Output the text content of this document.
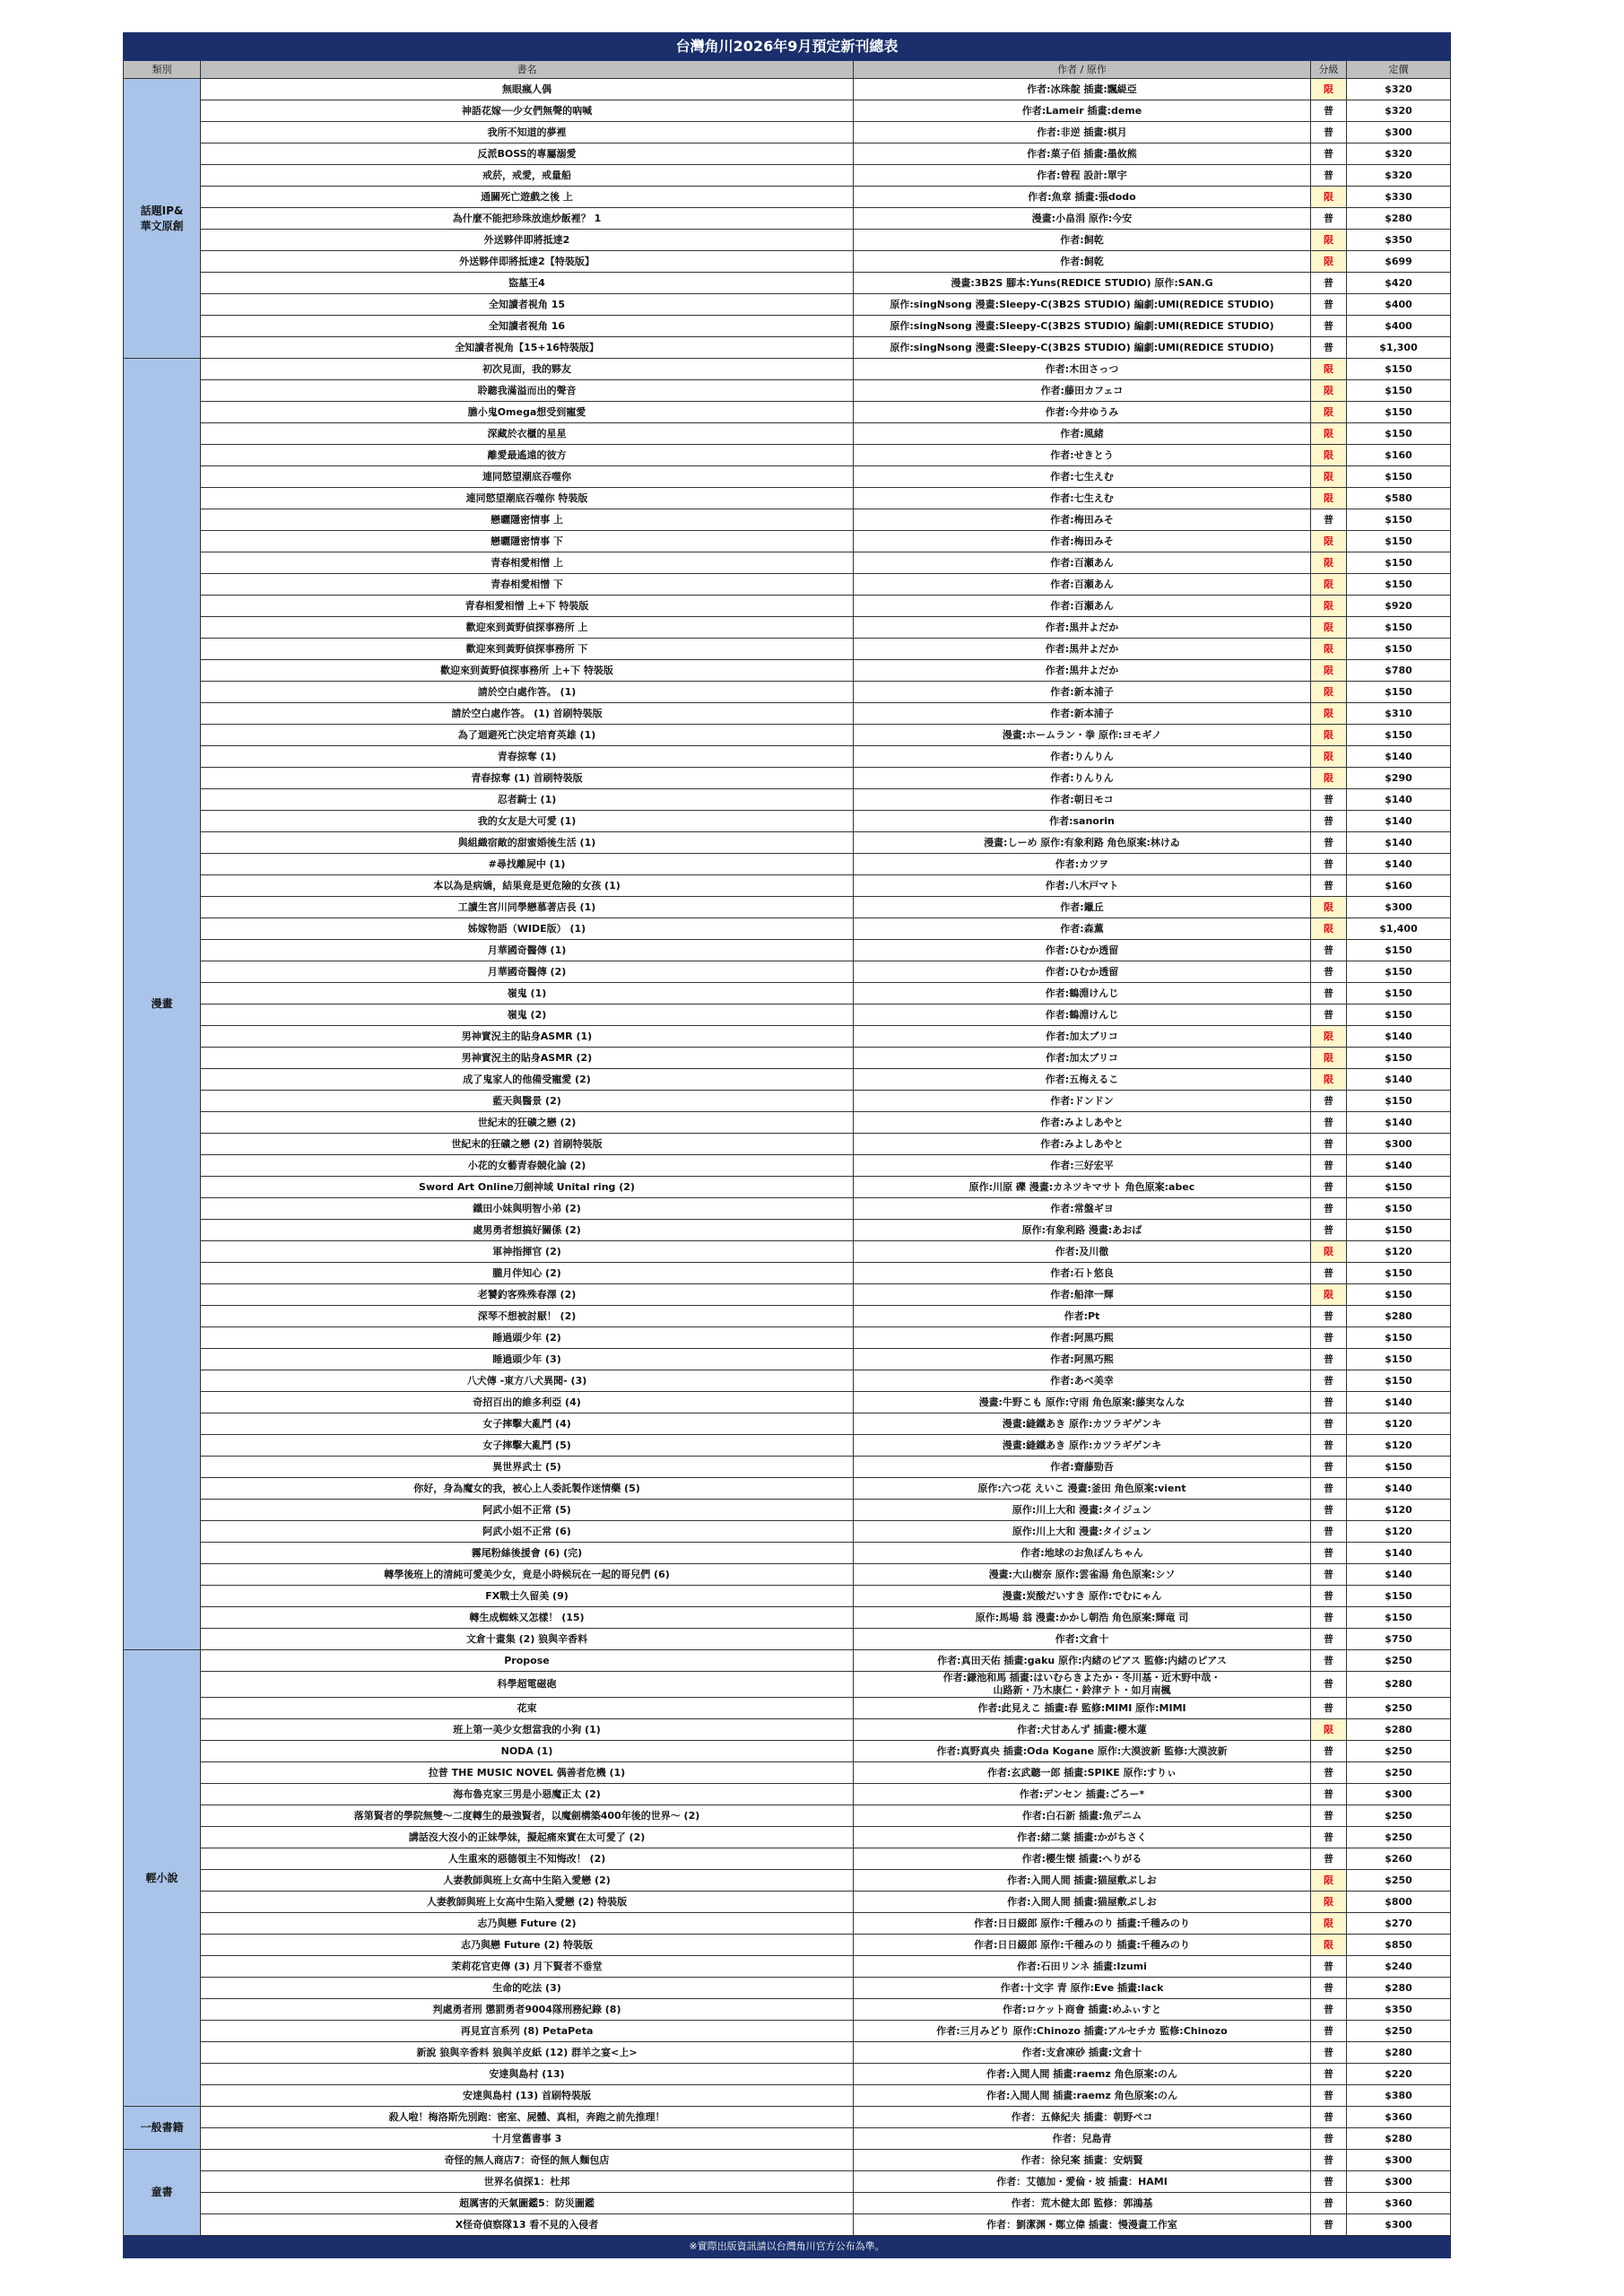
台灣角川2026年9月預定新刊總表				
類別	書名	作者 / 原作	分級	定價
話題IP&
華文原創	無眼瘋人偶	作者:冰珠靛 插畫:飄緹亞	限	$320
	神語花嫁──少女們無聲的吶喊	作者:Lameir 插畫:deme	普	$320
	我所不知道的夢裡	作者:非逆 插畫:棋月	普	$300
	反派BOSS的專屬溺愛	作者:菓子佰 插畫:墨攸熊	普	$320
	戒菸，戒愛，戒量船	作者:曾程 設計:單宇	普	$320
	通關死亡遊戲之後 上	作者:魚章 插畫:張dodo	限	$330
	為什麼不能把珍珠放進炒飯裡？ 1	漫畫:小畠涓 原作:今安	普	$280
	外送夥伴即將抵達2	作者:飼乾	限	$350
	外送夥伴即將抵達2【特裝版】	作者:飼乾	限	$699
	盜墓王4	漫畫:3B2S 腳本:Yuns(REDICE STUDIO) 原作:SAN.G	普	$420
	全知讀者視角 15	原作:singNsong 漫畫:Sleepy-C(3B2S STUDIO) 編劇:UMI(REDICE STUDIO)	普	$400
	全知讀者視角 16	原作:singNsong 漫畫:Sleepy-C(3B2S STUDIO) 編劇:UMI(REDICE STUDIO)	普	$400
	全知讀者視角【15+16特裝版】	原作:singNsong 漫畫:Sleepy-C(3B2S STUDIO) 編劇:UMI(REDICE STUDIO)	普	$1,300
漫畫	初次見面，我的夥友	作者:木田さっつ	限	$150
	聆聽我滿溢而出的聲音	作者:藤田カフェコ	限	$150
	膽小鬼Omega想受到寵愛	作者:今井ゆうみ	限	$150
	深藏於衣櫃的星星	作者:風緒	限	$150
	離愛最遙遠的彼方	作者:せきとう	限	$160
	連同慾望潮底吞噬你	作者:七生えむ	限	$150
	連同慾望潮底吞噬你 特裝版	作者:七生えむ	限	$580
	戀曬隱密情事 上	作者:梅田みそ	普	$150
	戀曬隱密情事 下	作者:梅田みそ	限	$150
	青春相愛相憎 上	作者:百瀬あん	限	$150
	青春相愛相憎 下	作者:百瀬あん	限	$150
	青春相愛相憎 上+下 特裝版	作者:百瀬あん	限	$920
	歡迎來到黃野偵探事務所 上	作者:黒井よだか	限	$150
	歡迎來到黃野偵探事務所 下	作者:黒井よだか	限	$150
	歡迎來到黃野偵探事務所 上+下 特裝版	作者:黒井よだか	限	$780
	請於空白處作答。 (1)	作者:新本浦子	限	$150
	請於空白處作答。 (1) 首刷特裝版	作者:新本浦子	限	$310
	為了迴避死亡決定培育英雄 (1)	漫畫:ホームラン・拳 原作:ヨモギノ	限	$150
	青春掠奪 (1)	作者:りんりん	限	$140
	青春掠奪 (1) 首刷特裝版	作者:りんりん	限	$290
	忍者騎士 (1)	作者:朝日モコ	普	$140
	我的女友是大可愛 (1)	作者:sanorin	普	$140
	與組織宿敵的甜蜜婚後生活 (1)	漫畫:しーめ 原作:有象利路 角色原案:林けゐ	普	$140
	#尋找離屍中 (1)	作者:カツヲ	普	$140
	本以為是病嬌，結果竟是更危險的女孩 (1)	作者:八木戸マト	普	$160
	工讀生宮川同學戀慕著店長 (1)	作者:鑞丘	限	$300
	姊嫁物語（WIDE版） (1)	作者:森薫	限	$1,400
	月華國奇醫傳 (1)	作者:ひむか透留	普	$150
	月華國奇醫傳 (2)	作者:ひむか透留	普	$150
	嶺鬼 (1)	作者:鶴淵けんじ	普	$150
	嶺鬼 (2)	作者:鶴淵けんじ	普	$150
	男神實況主的貼身ASMR (1)	作者:加太ブリコ	限	$140
	男神實況主的貼身ASMR (2)	作者:加太ブリコ	限	$150
	成了鬼家人的他備受寵愛 (2)	作者:五梅えるこ	限	$140
	藍天與醫景 (2)	作者:ドンドン	普	$150
	世紀末的狂礦之戀 (2)	作者:みよしあやと	普	$140
	世紀末的狂礦之戀 (2) 首刷特裝版	作者:みよしあやと	普	$300
	小花的女藝青春競化論 (2)	作者:三好宏平	普	$140
	Sword Art Online刀劍神域 Unital ring (2)	原作:川原 礫 漫畫:カネツキマサト 角色原案:abec	普	$150
	鐵田小妹與明智小弟 (2)	作者:常盤ギヨ	普	$150
	處男勇者想搞好關係 (2)	原作:有象利路 漫畫:あおば	普	$150
	軍神指揮官 (2)	作者:及川徹	限	$120
	朧月伴知心 (2)	作者:石ト悠良	普	$150
	老饕釣客殊殊春澤 (2)	作者:船津一輝	限	$150
	深琴不想被討厭！ (2)	作者:Pt	普	$280
	睡過頭少年 (2)	作者:阿黑巧熙	普	$150
	睡過頭少年 (3)	作者:阿黑巧熙	普	$150
	八犬傳 -東方八犬異聞- (3)	作者:あべ美幸	普	$150
	奇招百出的維多利亞 (4)	漫畫:牛野こも 原作:守雨 角色原案:藤実なんな	普	$140
	女子摔擊大亂鬥 (4)	漫畫:縫鐵あき 原作:カツラギゲンキ	普	$120
	女子摔擊大亂鬥 (5)	漫畫:縫鐵あき 原作:カツラギゲンキ	普	$120
	異世界武士 (5)	作者:齋藤勁吾	普	$150
	你好，身為魔女的我，被心上人委託製作迷情藥 (5)	原作:六つ花 えいこ 漫畫:釜田 角色原案:vient	普	$140
	阿武小姐不正常 (5)	原作:川上大和 漫畫:タイジュン	普	$120
	阿武小姐不正常 (6)	原作:川上大和 漫畫:タイジュン	普	$120
	霧尾粉絲後援會 (6) (完)	作者:地球のお魚ぽんちゃん	普	$140
	轉學後班上的清純可愛美少女，竟是小時候玩在一起的哥兒們 (6)	漫畫:大山樹奈 原作:雲雀湯 角色原案:シソ	普	$140
	FX戰士久留美 (9)	漫畫:炭酸だいすき 原作:でむにゃん	普	$150
	轉生成蜘蛛又怎樣！ (15)	原作:馬場 翁 漫畫:かかし朝浩 角色原案:輝竜 司	普	$150
	文倉十畫集 (2) 狼與辛香料	作者:文倉十	普	$750
輕小說	Propose	作者:真田天佑 插畫:gaku 原作:内緒のピアス 監修:内緒のピアス	普	$250
	科學超電磁砲	作者:鎌池和馬 插畫:はいむらきよたか・冬川基・近木野中哉・
山路新・乃木康仁・鈴津テト・如月南楓	普	$280
	花束	作者:此見えこ 插畫:春 監修:MIMI 原作:MIMI	普	$250
	班上第一美少女想當我的小狗 (1)	作者:犬甘あんず 插畫:櫻木蓮	限	$280
	NODA (1)	作者:真野真央 插畫:Oda Kogane 原作:大漠波新 監修:大漠波新	普	$250
	拉普 THE MUSIC NOVEL 偶善者危機 (1)	作者:玄武聽一郎 插畫:SPIKE 原作:すりぃ	普	$250
	海布魯克家三男是小惡魔正太 (2)	作者:デンセン 插畫:ごろー*	普	$300
	落第賢者的學院無雙～二度轉生的最強賢者，以魔劍構築400年後的世界～ (2)	作者:白石新 插畫:魚デニム	普	$250
	講話沒大沒小的正妹學妹，擬起痛來實在太可愛了 (2)	作者:緒二葉 插畫:かがちさく	普	$250
	人生重來的惡德領主不知悔改！ (2)	作者:櫻生懐 插畫:へりがる	普	$260
	人妻教師與班上女高中生陷入愛戀 (2)	作者:入間人間 插畫:猫屋敷ぷしお	限	$250
	人妻教師與班上女高中生陷入愛戀 (2) 特裝版	作者:入間人間 插畫:猫屋敷ぷしお	限	$800
	志乃與戀 Future (2)	作者:日日綴郎 原作:千種みのり 插畫:千種みのり	限	$270
	志乃與戀 Future (2) 特裝版	作者:日日綴郎 原作:千種みのり 插畫:千種みのり	限	$850
	茉莉花官吏傳 (3) 月下賢者不垂堂	作者:石田リンネ 插畫:Izumi	普	$240
	生命的吃法 (3)	作者:十文字 青 原作:Eve 插畫:lack	普	$280
	判處勇者刑 懲罰勇者9004隊刑務紀錄 (8)	作者:ロケット商會 插畫:めふぃすと	普	$350
	再見宣言系列 (8) PetaPeta	作者:三月みどり 原作:Chinozo 插畫:アルセチカ 監修:Chinozo	普	$250
	新說 狼與辛香料 狼與羊皮紙 (12) 群羊之宴<上>	作者:支倉凍砂 插畫:文倉十	普	$280
	安達與島村 (13)	作者:入間人間 插畫:raemz 角色原案:のん	普	$220
	安達與島村 (13) 首刷特裝版	作者:入間人間 插畫:raemz 角色原案:のん	普	$380
一般書籍	殺人啦！梅洛斯先別跑：密室、屍體、真相，奔跑之前先推理！	作者：五條紀夫 插畫：朝野ペコ	普	$360
	十月堂舊書事 3	作者：兒島青	普	$280
童書	奇怪的無人商店7：奇怪的無人麵包店	作者：徐兒案 插畫：安炳賢	普	$300
	世界名偵探1：杜邦	作者：艾德加・愛倫・坡 插畫：HAMI	普	$300
	超厲害的天氣圖鑑5：防災圖鑑	作者：荒木健太郎 監修：郭鴻基	普	$360
	X怪奇偵察隊13 看不見的入侵者	作者：劉潔渊・鄭立偉 插畫：慢漫畫工作室	普	$300
※實際出版資訊請以台灣角川官方公布為準。				
